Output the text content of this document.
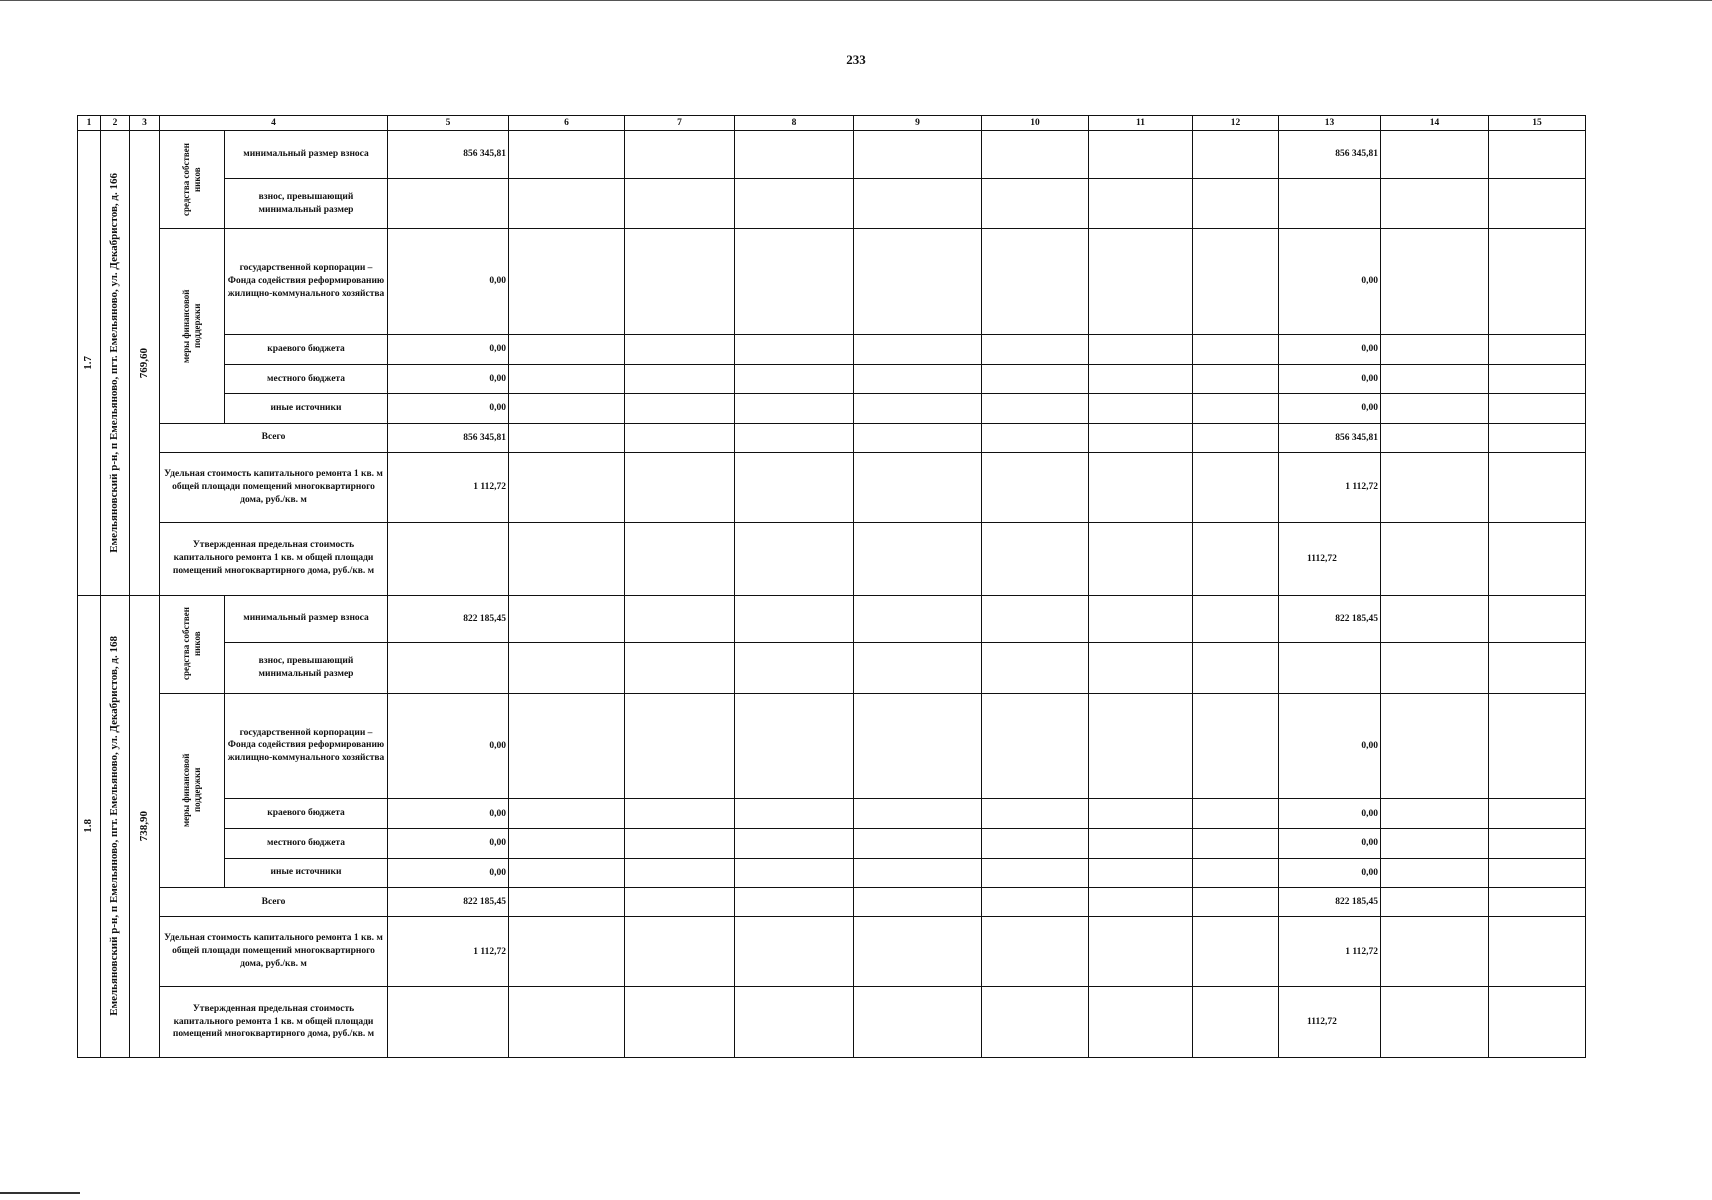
233
1	2	3	4		5	6	7	8	9	10	11	12	13	14	15

1.7	Емельяновский р-н, п Емельяново, пгт. Емельяново, ул. Декабристов, д. 166	769,60	средства собствен ников	минимальный размер взноса	856 345,81								856 345,81		
				взнос, превышающий минимальный размер											

			меры финансовой поддержки	государственной корпорации – Фонда содействия реформированию жилищно-коммунального хозяйства	0,00								0,00		
				краевого бюджета	0,00								0,00		
				местного бюджета	0,00								0,00		
				иные источники	0,00								0,00		
			Всего		856 345,81								856 345,81		
			Удельная стоимость капитального ремонта 1 кв. м общей площади помещений многоквартирного дома, руб./кв. м		1 112,72								1 112,72		
			Утвержденная предельная стоимость капитального ремонта 1 кв. м общей площади помещений многоквартирного дома, руб./кв. м										1112,72		

1.8	Емельяновский р-н, п Емельяново, пгт. Емельяново, ул. Декабристов, д. 168	738,90	средства собствен ников	минимальный размер взноса	822 185,45								822 185,45		
				взнос, превышающий минимальный размер											

			меры финансовой поддержки	государственной корпорации – Фонда содействия реформированию жилищно-коммунального хозяйства	0,00								0,00		
				краевого бюджета	0,00								0,00		
				местного бюджета	0,00								0,00		
				иные источники	0,00								0,00		
			Всего		822 185,45								822 185,45		
			Удельная стоимость капитального ремонта 1 кв. м общей площади помещений многоквартирного дома, руб./кв. м		1 112,72								1 112,72		
			Утвержденная предельная стоимость капитального ремонта 1 кв. м общей площади помещений многоквартирного дома, руб./кв. м										1112,72		
